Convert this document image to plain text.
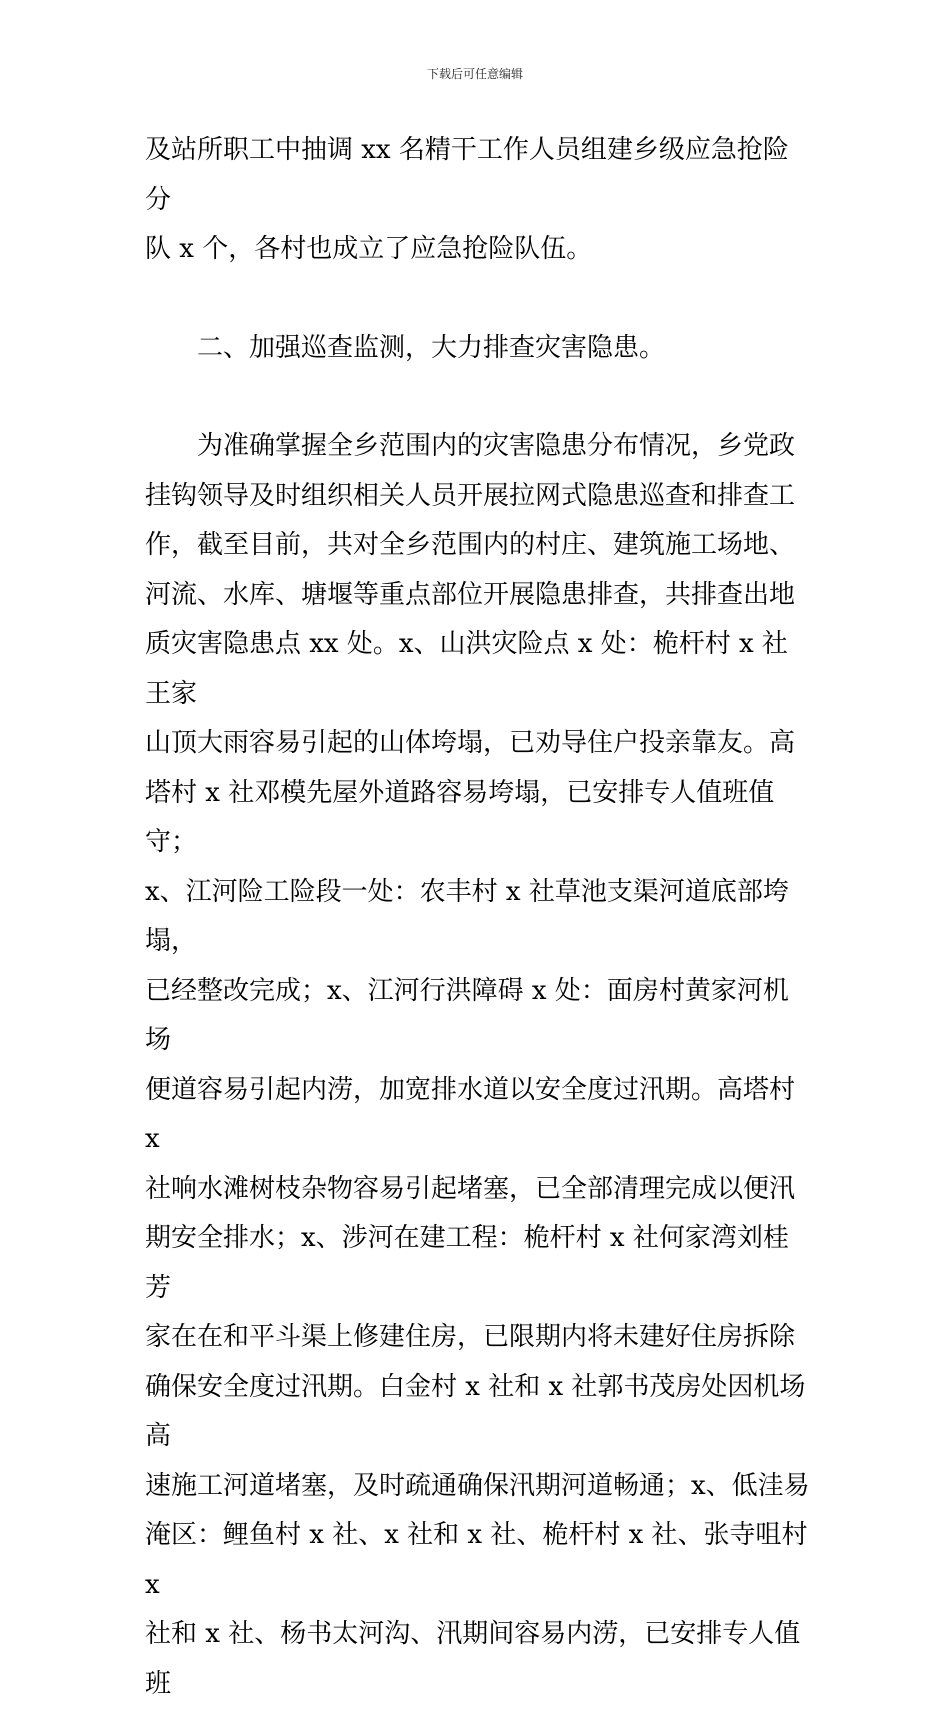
下载后可任意编辑

及站所职工中抽调 xx 名精干工作人员组建乡级应急抢险分
队 x 个，各村也成立了应急抢险队伍。

　　二、加强巡查监测，大力排查灾害隐患。

　　为准确掌握全乡范围内的灾害隐患分布情况，乡党政
挂钩领导及时组织相关人员开展拉网式隐患巡查和排查工
作，截至目前，共对全乡范围内的村庄、建筑施工场地、
河流、水库、塘堰等重点部位开展隐患排查，共排查出地
质灾害隐患点 xx 处。x、山洪灾险点 x 处：桅杆村 x 社王家
山顶大雨容易引起的山体垮塌，已劝导住户投亲靠友。高
塔村 x 社邓模先屋外道路容易垮塌，已安排专人值班值守；
x、江河险工险段一处：农丰村 x 社草池支渠河道底部垮塌，
已经整改完成；x、江河行洪障碍 x 处：面房村黄家河机场
便道容易引起内涝，加宽排水道以安全度过汛期。高塔村 x
社响水滩树枝杂物容易引起堵塞，已全部清理完成以便汛
期安全排水；x、涉河在建工程：桅杆村 x 社何家湾刘桂芳
家在在和平斗渠上修建住房，已限期内将未建好住房拆除
确保安全度过汛期。白金村 x 社和 x 社郭书茂房处因机场高
速施工河道堵塞，及时疏通确保汛期河道畅通；x、低洼易
淹区：鲤鱼村 x 社、x 社和 x 社、桅杆村 x 社、张寺咀村 x
社和 x 社、杨书太河沟、汛期间容易内涝，已安排专人值班
